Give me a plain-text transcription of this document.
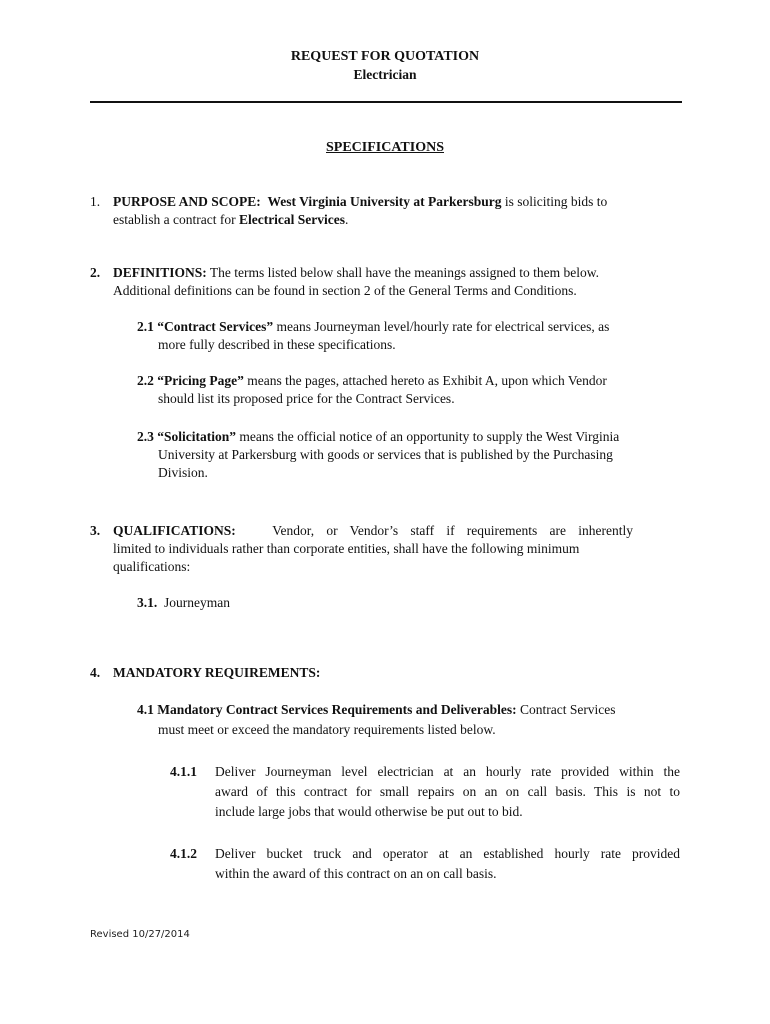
REQUEST FOR QUOTATION
Electrician
SPECIFICATIONS
1. PURPOSE AND SCOPE: West Virginia University at Parkersburg is soliciting bids to
establish a contract for Electrical Services.
2. DEFINITIONS: The terms listed below shall have the meanings assigned to them below.
Additional definitions can be found in section 2 of the General Terms and Conditions.
2.1 “Contract Services” means Journeyman level/hourly rate for electrical services, as
more fully described in these specifications.
2.2 “Pricing Page” means the pages, attached hereto as Exhibit A, upon which Vendor
should list its proposed price for the Contract Services.
2.3 “Solicitation” means the official notice of an opportunity to supply the West Virginia
University at Parkersburg with goods or services that is published by the Purchasing
Division.
3. QUALIFICATIONS:	Vendor, or Vendor’s staff if requirements are inherently
limited to individuals rather than corporate entities, shall have the following minimum
qualifications:
3.1. Journeyman
4. MANDATORY REQUIREMENTS:
4.1 Mandatory Contract Services Requirements and Deliverables: Contract Services
must meet or exceed the mandatory requirements listed below.
4.1.1 Deliver Journeyman level electrician at an hourly rate provided within the
award of this contract for small repairs on an on call basis. This is not to
include large jobs that would otherwise be put out to bid.
4.1.2 Deliver bucket truck and operator at an established hourly rate provided
within the award of this contract on an on call basis.
Revised 10/27/2014
